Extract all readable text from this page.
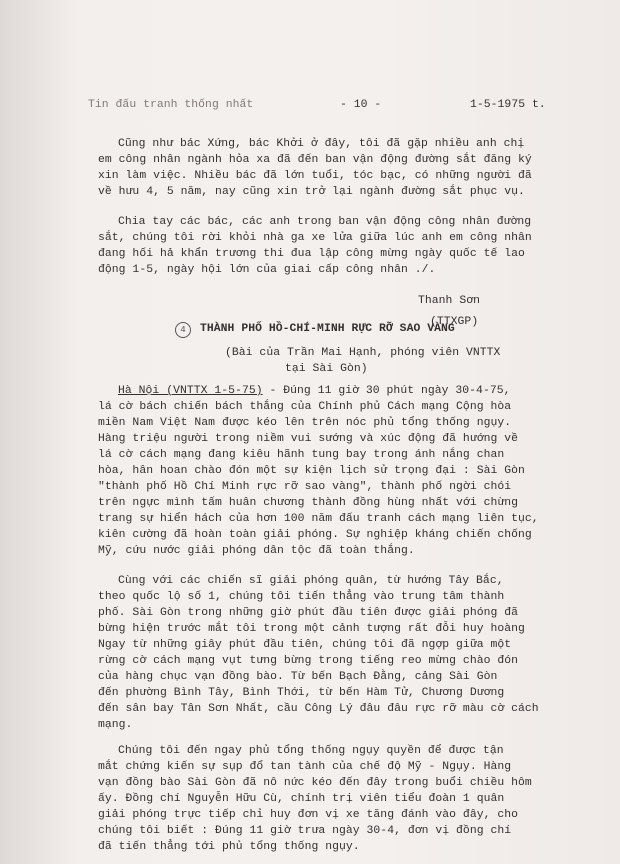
Tin đấu tranh thống nhất	- 10 -	1-5-1975 t.
Cũng như bác Xứng, bác Khởi ở đây, tôi đã gặp nhiều anh chị
em công nhân ngành hỏa xa đã đến ban vận động đường sắt đăng ký
xin làm việc. Nhiều bác đã lớn tuổi, tóc bạc, có những người đã
về hưu 4, 5 năm, nay cũng xin trở lại ngành đường sắt phục vụ.
Chia tay các bác, các anh trong ban vận động công nhân đường
sắt, chúng tôi rời khỏi nhà ga xe lửa giữa lúc anh em công nhân
đang hối hả khẩn trương thi đua lập công mừng ngày quốc tế lao
động 1-5, ngày hội lớn của giai cấp công nhân ./.
Thanh Sơn
(TTXGP)
4	THÀNH PHỐ HỒ-CHÍ-MINH RỰC RỠ SAO VÀNG
(Bài của Trần Mai Hạnh, phóng viên VNTTX
tại Sài Gòn)
Hà Nội (VNTTX 1-5-75) - Đúng 11 giờ 30 phút ngày 30-4-75,
lá cờ bách chiến bách thắng của Chính phủ Cách mạng Cộng hòa
miền Nam Việt Nam được kéo lên trên nóc phủ tổng thống ngụy.
Hàng triệu người trong niềm vui sướng và xúc động đã hướng về
lá cờ cách mạng đang kiêu hãnh tung bay trong ánh nắng chan
hòa, hân hoan chào đón một sự kiện lịch sử trọng đại : Sài Gòn
"thành phố Hồ Chí Minh rực rỡ sao vàng", thành phố ngời chói
trên ngực mình tấm huân chương thành đồng hùng nhất với chừng
trang sự hiển hách của hơn 100 năm đấu tranh cách mạng liên tục,
kiên cường đã hoàn toàn giải phóng. Sự nghiệp kháng chiến chống
Mỹ, cứu nước giải phóng dân tộc đã toàn thắng.
Cùng với các chiến sĩ giải phóng quân, từ hướng Tây Bắc,
theo quốc lộ số 1, chúng tôi tiến thẳng vào trung tâm thành
phố. Sài Gòn trong những giờ phút đầu tiên được giải phóng đã
bừng hiện trước mắt tôi trong một cảnh tượng rất đỗi huy hoàng
Ngay từ những giây phút đầu tiên, chúng tôi đã ngợp giữa một
rừng cờ cách mạng vụt tưng bừng trong tiếng reo mừng chào đón
của hàng chục vạn đồng bào. Từ bến Bạch Đằng, cảng Sài Gòn
đến phường Bình Tây, Bình Thới, từ bến Hàm Tử, Chương Dương
đến sân bay Tân Sơn Nhất, cầu Công Lý đâu đâu rực rỡ màu cờ cách
mạng.
Chúng tôi đến ngay phủ tổng thống ngụy quyền để được tận
mắt chứng kiến sự sụp đổ tan tành của chế độ Mỹ - Ngụy. Hàng
vạn đồng bào Sài Gòn đã nô nức kéo đến đây trong buổi chiều hôm
ấy. Đồng chí Nguyễn Hữu Cù, chính trị viên tiểu đoàn 1 quân
giải phóng trực tiếp chỉ huy đơn vị xe tăng đánh vào đây, cho
chúng tôi biết : Đúng 11 giờ trưa ngày 30-4, đơn vị đồng chí
đã tiến thẳng tới phủ tổng thống ngụy.
